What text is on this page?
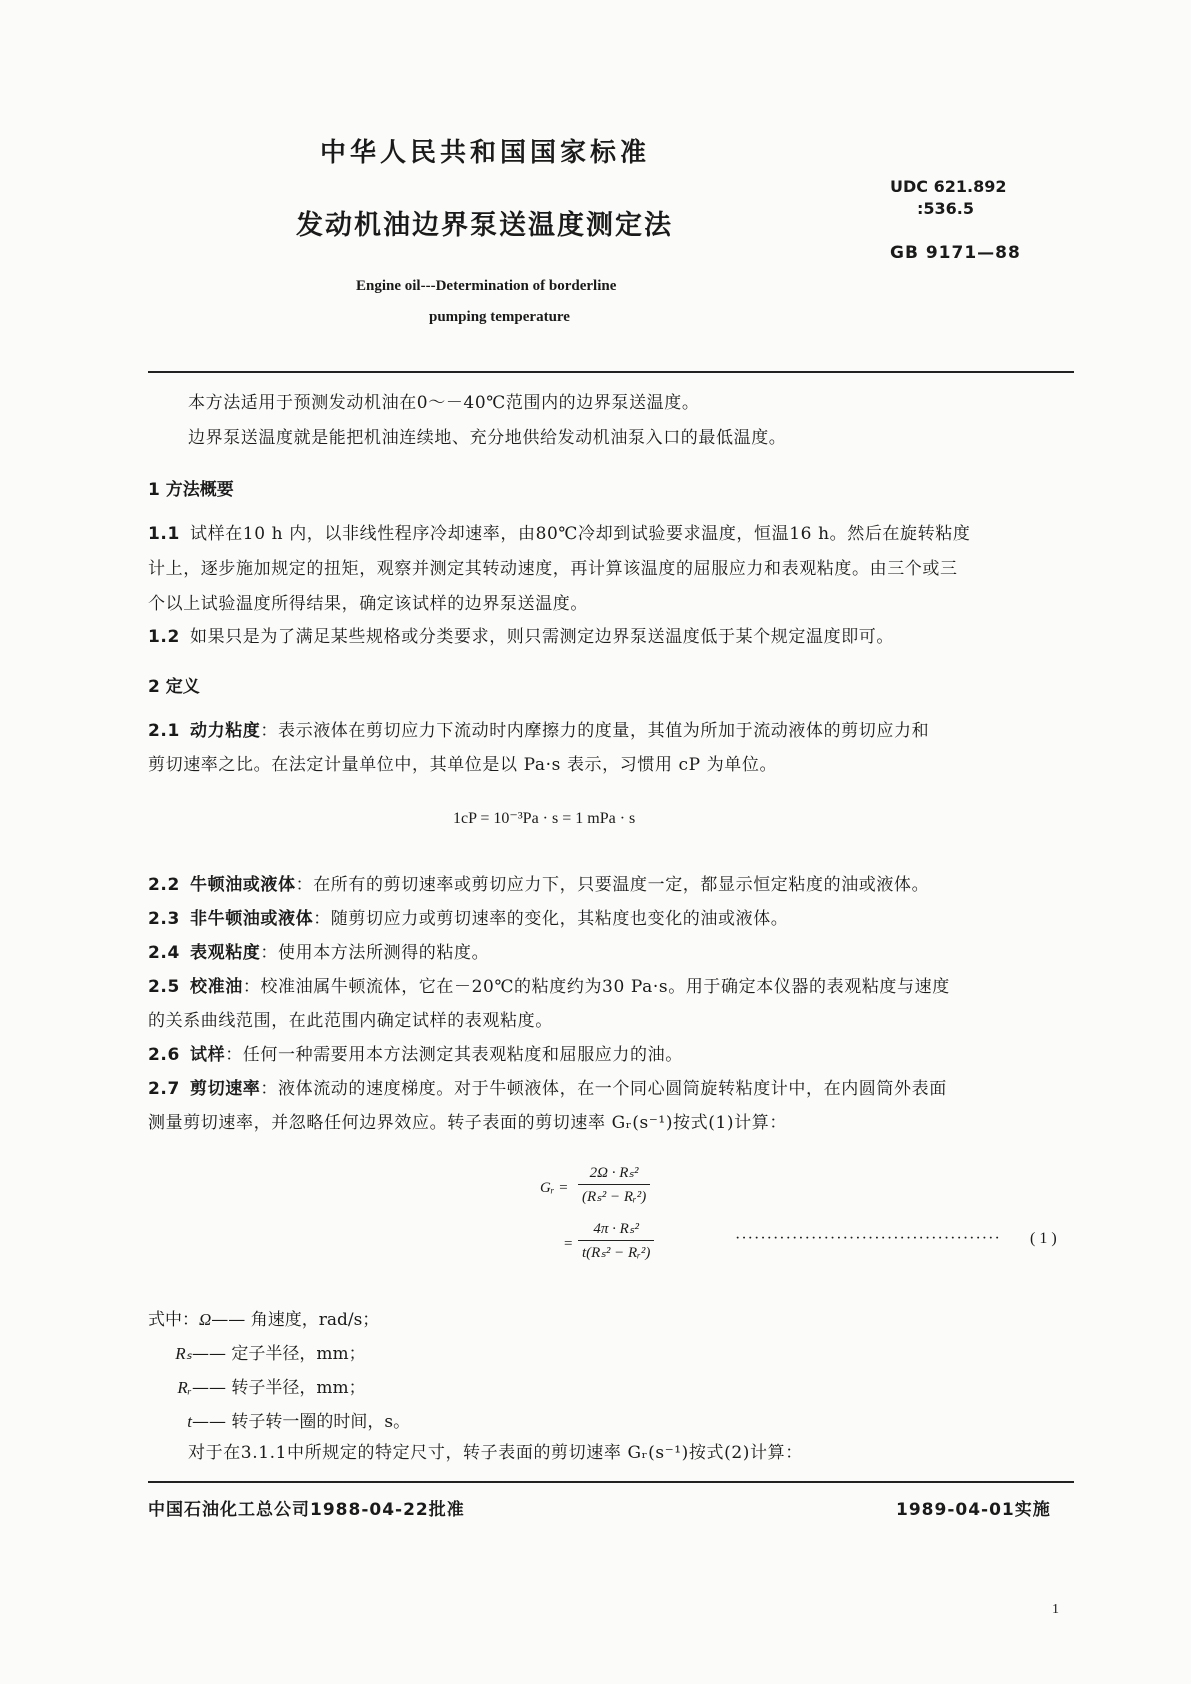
中华人民共和国国家标准
发动机油边界泵送温度测定法
Engine oil---Determination of borderline
pumping temperature
UDC 621.892
:536.5
GB 9171—88
本方法适用于预测发动机油在0～－40℃范围内的边界泵送温度。
边界泵送温度就是能把机油连续地、充分地供给发动机油泵入口的最低温度。
1 方法概要
1.1 试样在10 h 内，以非线性程序冷却速率，由80℃冷却到试验要求温度，恒温16 h。然后在旋转粘度
计上，逐步施加规定的扭矩，观察并测定其转动速度，再计算该温度的屈服应力和表观粘度。由三个或三
个以上试验温度所得结果，确定该试样的边界泵送温度。
1.2 如果只是为了满足某些规格或分类要求，则只需测定边界泵送温度低于某个规定温度即可。
2 定义
2.1 动力粘度：表示液体在剪切应力下流动时内摩擦力的度量，其值为所加于流动液体的剪切应力和
剪切速率之比。在法定计量单位中，其单位是以 Pa·s 表示，习惯用 cP 为单位。
1cP = 10⁻³Pa · s = 1 mPa · s
2.2 牛顿油或液体：在所有的剪切速率或剪切应力下，只要温度一定，都显示恒定粘度的油或液体。
2.3 非牛顿油或液体：随剪切应力或剪切速率的变化，其粘度也变化的油或液体。
2.4 表观粘度：使用本方法所测得的粘度。
2.5 校准油：校准油属牛顿流体，它在－20℃的粘度约为30 Pa·s。用于确定本仪器的表观粘度与速度
的关系曲线范围，在此范围内确定试样的表观粘度。
2.6 试样：任何一种需要用本方法测定其表观粘度和屈服应力的油。
2.7 剪切速率：液体流动的速度梯度。对于牛顿液体，在一个同心圆筒旋转粘度计中，在内圆筒外表面
测量剪切速率，并忽略任何边界效应。转子表面的剪切速率 Gᵣ(s⁻¹)按式(1)计算：
Gᵣ = $\frac{\text{2Ω · Rₛ²}}{\text{(Rₛ² − Rᵣ²)}}$
= $\frac{\text{4π · Rₛ²}}{\text{t(Rₛ² − Rᵣ²)}}$	·········································· ( 1 )
式中：Ω—— 角速度，rad/s；
Rₛ—— 定子半径，mm；
Rᵣ—— 转子半径，mm；
t—— 转子转一圈的时间，s。
对于在3.1.1中所规定的特定尺寸，转子表面的剪切速率 Gᵣ(s⁻¹)按式(2)计算：
中国石油化工总公司1988-04-22批准	1989-04-01实施
1
